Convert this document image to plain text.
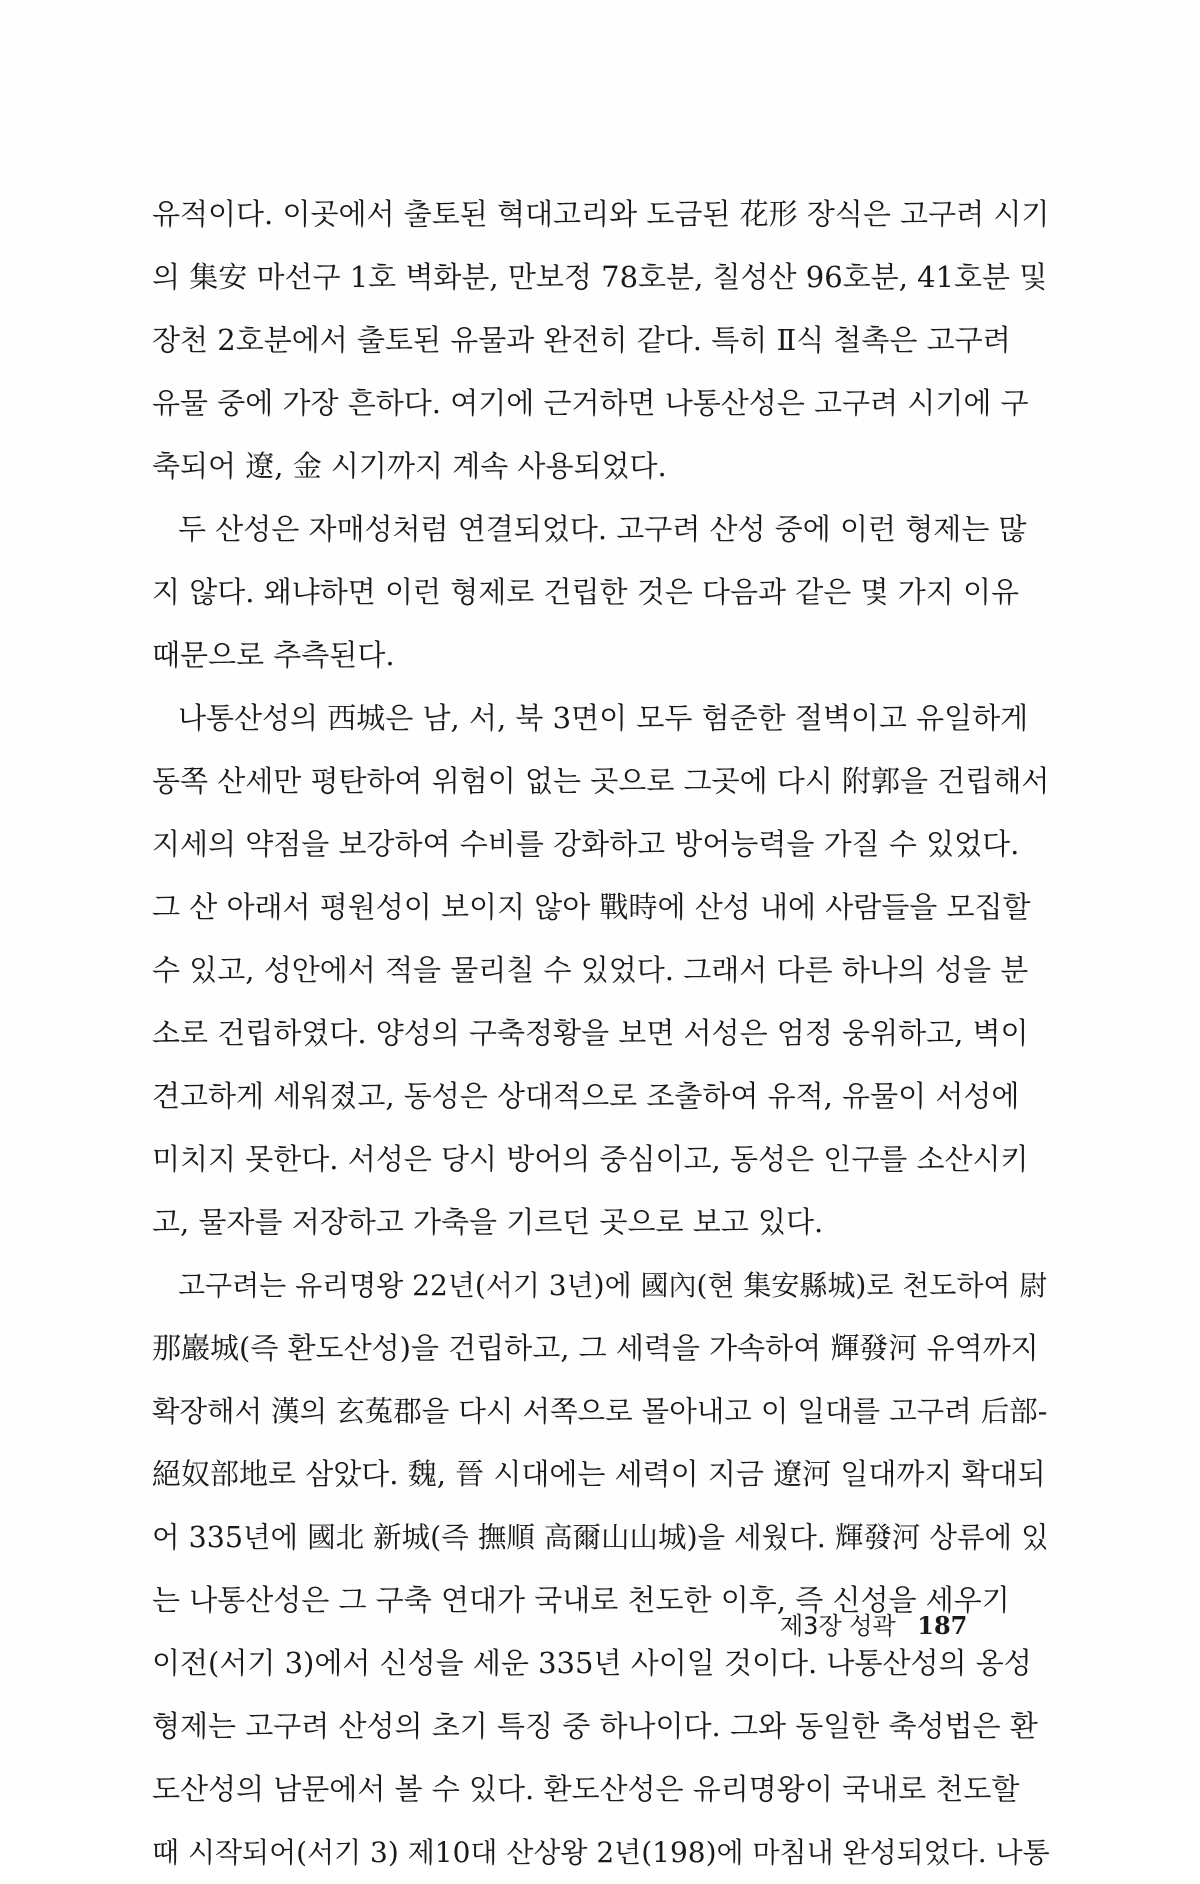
유적이다. 이곳에서 출토된 혁대고리와 도금된 花形 장식은 고구려 시기
의 集安 마선구 1호 벽화분, 만보정 78호분, 칠성산 96호분, 41호분 및
장천 2호분에서 출토된 유물과 완전히 같다. 특히 Ⅱ식 철촉은 고구려
유물 중에 가장 흔하다. 여기에 근거하면 나통산성은 고구려 시기에 구
축되어 遼, 金 시기까지 계속 사용되었다.
두 산성은 자매성처럼 연결되었다. 고구려 산성 중에 이런 형제는 많
지 않다. 왜냐하면 이런 형제로 건립한 것은 다음과 같은 몇 가지 이유
때문으로 추측된다.
나통산성의 西城은 남, 서, 북 3면이 모두 험준한 절벽이고 유일하게
동쪽 산세만 평탄하여 위험이 없는 곳으로 그곳에 다시 附郭을 건립해서
지세의 약점을 보강하여 수비를 강화하고 방어능력을 가질 수 있었다.
그 산 아래서 평원성이 보이지 않아 戰時에 산성 내에 사람들을 모집할
수 있고, 성안에서 적을 물리칠 수 있었다. 그래서 다른 하나의 성을 분
소로 건립하였다. 양성의 구축정황을 보면 서성은 엄정 웅위하고, 벽이
견고하게 세워졌고, 동성은 상대적으로 조출하여 유적, 유물이 서성에
미치지 못한다. 서성은 당시 방어의 중심이고, 동성은 인구를 소산시키
고, 물자를 저장하고 가축을 기르던 곳으로 보고 있다.
고구려는 유리명왕 22년(서기 3년)에 國內(현 集安縣城)로 천도하여 尉
那巖城(즉 환도산성)을 건립하고, 그 세력을 가속하여 輝發河 유역까지
확장해서 漢의 玄菟郡을 다시 서쪽으로 몰아내고 이 일대를 고구려 后部-
絕奴部地로 삼았다. 魏, 晉 시대에는 세력이 지금 遼河 일대까지 확대되
어 335년에 國北 新城(즉 撫順 高爾山山城)을 세웠다. 輝發河 상류에 있
는 나통산성은 그 구축 연대가 국내로 천도한 이후, 즉 신성을 세우기
이전(서기 3)에서 신성을 세운 335년 사이일 것이다. 나통산성의 옹성
형제는 고구려 산성의 초기 특징 중 하나이다. 그와 동일한 축성법은 환
도산성의 남문에서 볼 수 있다. 환도산성은 유리명왕이 국내로 천도할
때 시작되어(서기 3) 제10대 산상왕 2년(198)에 마침내 완성되었다. 나통
제3장 성곽 187
